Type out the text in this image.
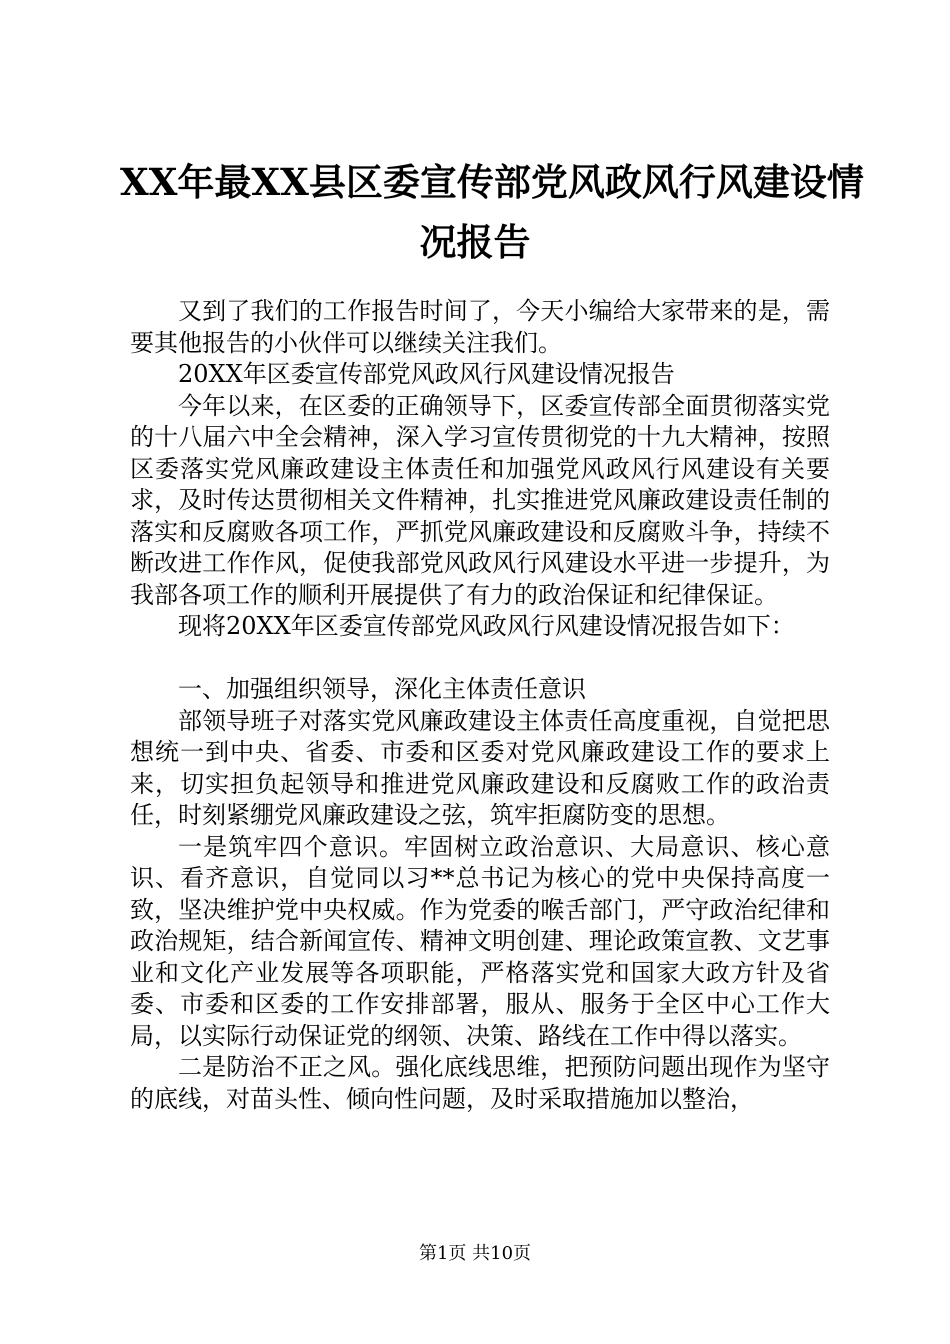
XX年最XX县区委宣传部党风政风行风建设情
况报告

又到了我们的工作报告时间了，今天小编给大家带来的是，需要其他报告的小伙伴可以继续关注我们。

20XX年区委宣传部党风政风行风建设情况报告

今年以来，在区委的正确领导下，区委宣传部全面贯彻落实党的十八届六中全会精神，深入学习宣传贯彻党的十九大精神，按照区委落实党风廉政建设主体责任和加强党风政风行风建设有关要求，及时传达贯彻相关文件精神，扎实推进党风廉政建设责任制的落实和反腐败各项工作，严抓党风廉政建设和反腐败斗争，持续不断改进工作作风，促使我部党风政风行风建设水平进一步提升，为我部各项工作的顺利开展提供了有力的政治保证和纪律保证。

现将20XX年区委宣传部党风政风行风建设情况报告如下：

一、加强组织领导，深化主体责任意识

部领导班子对落实党风廉政建设主体责任高度重视，自觉把思想统一到中央、省委、市委和区委对党风廉政建设工作的要求上来，切实担负起领导和推进党风廉政建设和反腐败工作的政治责任，时刻紧绷党风廉政建设之弦，筑牢拒腐防变的思想。

一是筑牢四个意识。牢固树立政治意识、大局意识、核心意识、看齐意识，自觉同以习**总书记为核心的党中央保持高度一致，坚决维护党中央权威。作为党委的喉舌部门，严守政治纪律和政治规矩，结合新闻宣传、精神文明创建、理论政策宣教、文艺事业和文化产业发展等各项职能，严格落实党和国家大政方针及省委、市委和区委的工作安排部署，服从、服务于全区中心工作大局，以实际行动保证党的纲领、决策、路线在工作中得以落实。

二是防治不正之风。强化底线思维，把预防问题出现作为坚守的底线，对苗头性、倾向性问题，及时采取措施加以整治，

第1页 共10页
